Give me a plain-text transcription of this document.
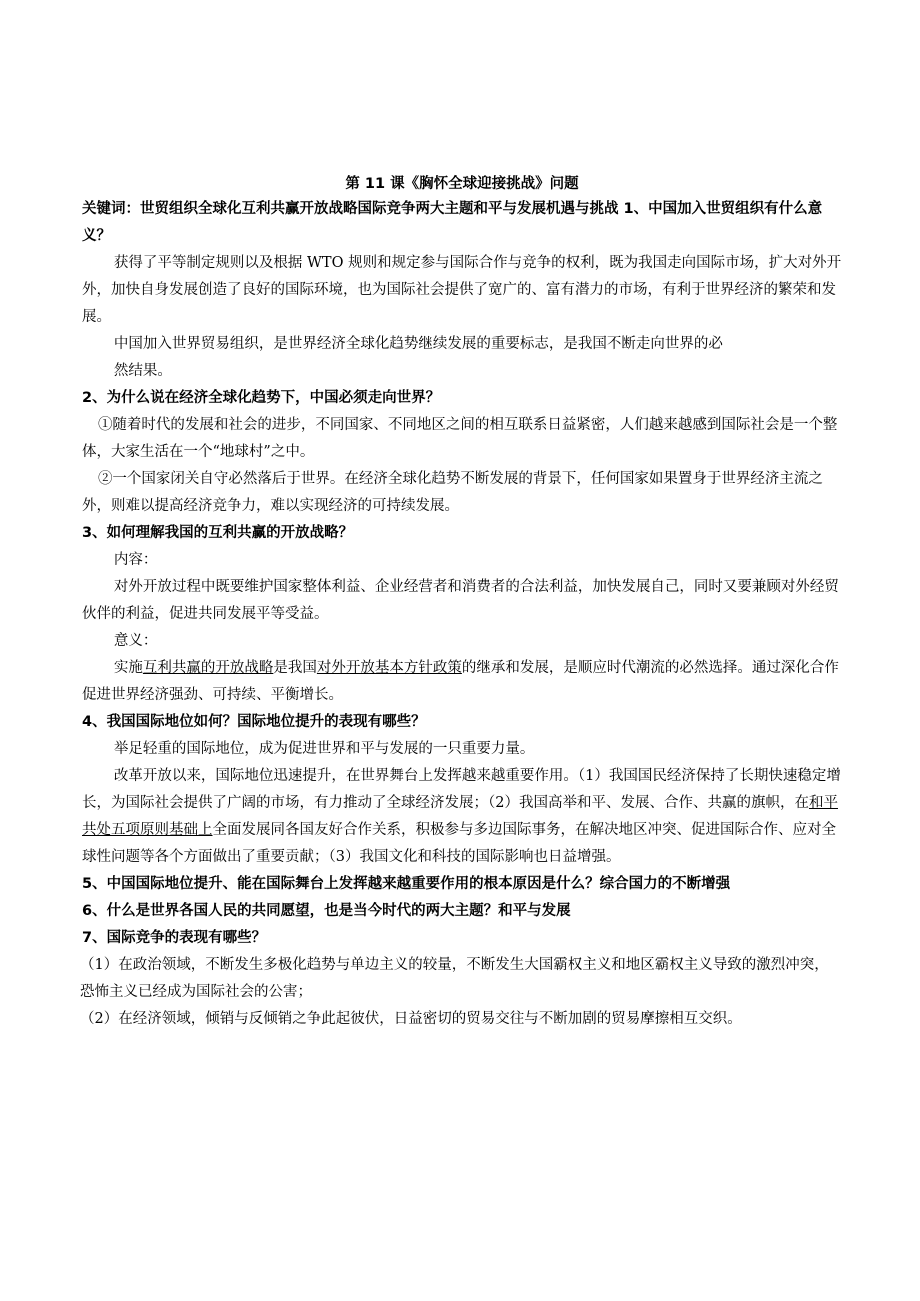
第 11 课《胸怀全球迎接挑战》问题

关键词：世贸组织全球化互利共赢开放战略国际竞争两大主题和平与发展机遇与挑战 1、中国加入世贸组织有什么意义？

获得了平等制定规则以及根据 WTO 规则和规定参与国际合作与竞争的权利，既为我国走向国际市场，扩大对外开外，加快自身发展创造了良好的国际环境，也为国际社会提供了宽广的、富有潜力的市场，有利于世界经济的繁荣和发展。

中国加入世界贸易组织，是世界经济全球化趋势继续发展的重要标志，是我国不断走向世界的必

然结果。

2、为什么说在经济全球化趋势下，中国必须走向世界？

①随着时代的发展和社会的进步，不同国家、不同地区之间的相互联系日益紧密，人们越来越感到国际社会是一个整体，大家生活在一个“地球村”之中。

②一个国家闭关自守必然落后于世界。在经济全球化趋势不断发展的背景下，任何国家如果置身于世界经济主流之外，则难以提高经济竞争力，难以实现经济的可持续发展。

3、如何理解我国的互利共赢的开放战略？

内容：

对外开放过程中既要维护国家整体利益、企业经营者和消费者的合法利益，加快发展自己，同时又要兼顾对外经贸伙伴的利益，促进共同发展平等受益。

意义：

实施互利共赢的开放战略是我国对外开放基本方针政策的继承和发展，是顺应时代潮流的必然选择。通过深化合作促进世界经济强劲、可持续、平衡增长。

4、我国国际地位如何？国际地位提升的表现有哪些？

举足轻重的国际地位，成为促进世界和平与发展的一只重要力量。

改革开放以来，国际地位迅速提升，在世界舞台上发挥越来越重要作用。（1）我国国民经济保持了长期快速稳定增长，为国际社会提供了广阔的市场，有力推动了全球经济发展；（2）我国高举和平、发展、合作、共赢的旗帜，在和平共处五项原则基础上全面发展同各国友好合作关系，积极参与多边国际事务，在解决地区冲突、促进国际合作、应对全球性问题等各个方面做出了重要贡献；（3）我国文化和科技的国际影响也日益增强。

5、中国国际地位提升、能在国际舞台上发挥越来越重要作用的根本原因是什么？综合国力的不断增强

6、什么是世界各国人民的共同愿望，也是当今时代的两大主题？和平与发展

7、国际竞争的表现有哪些？

（1）在政治领域，不断发生多极化趋势与单边主义的较量，不断发生大国霸权主义和地区霸权主义导致的激烈冲突，恐怖主义已经成为国际社会的公害；

（2）在经济领域，倾销与反倾销之争此起彼伏，日益密切的贸易交往与不断加剧的贸易摩擦相互交织。
